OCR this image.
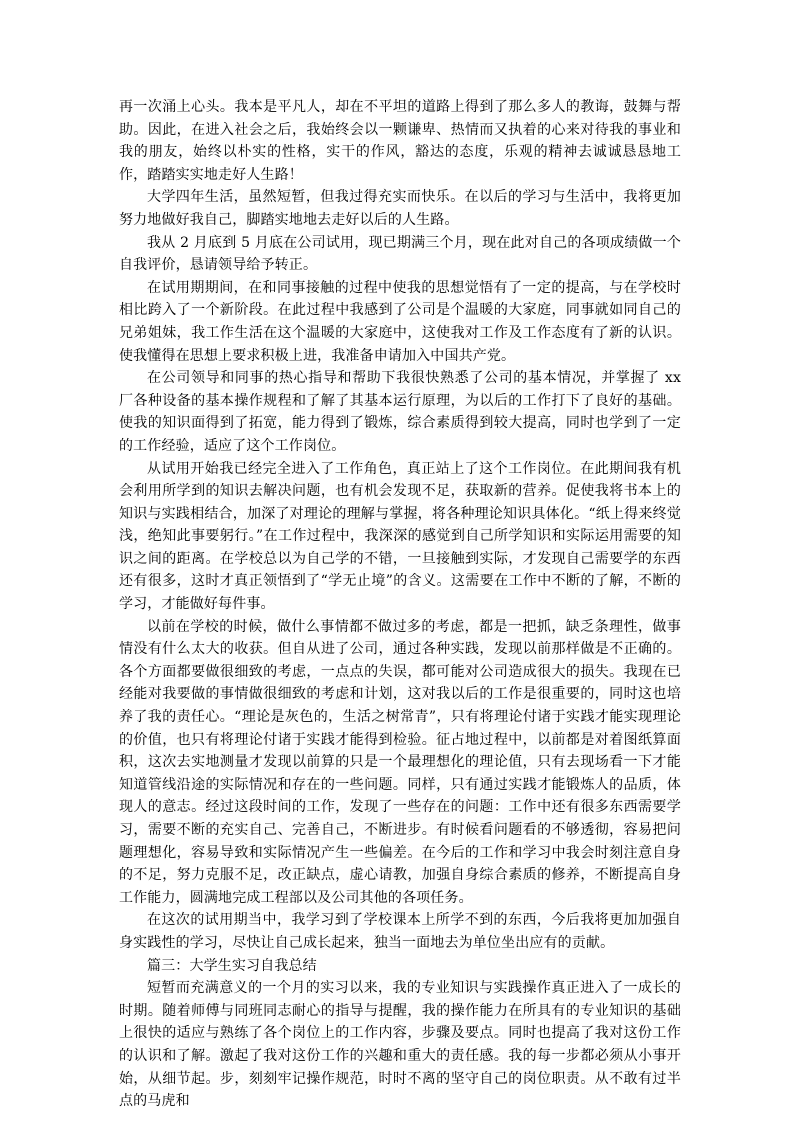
再一次涌上心头。我本是平凡人，却在不平坦的道路上得到了那么多人的教诲，鼓舞与帮助。因此，在进入社会之后，我始终会以一颗谦卑、热情而又执着的心来对待我的事业和我的朋友，始终以朴实的性格，实干的作风，豁达的态度，乐观的精神去诚诚恳恳地工作，踏踏实实地走好人生路！

大学四年生活，虽然短暂，但我过得充实而快乐。在以后的学习与生活中，我将更加努力地做好我自己，脚踏实地地去走好以后的人生路。

我从 2 月底到 5 月底在公司试用，现已期满三个月，现在此对自己的各项成绩做一个自我评价，恳请领导给予转正。

在试用期期间，在和同事接触的过程中使我的思想觉悟有了一定的提高，与在学校时相比跨入了一个新阶段。在此过程中我感到了公司是个温暖的大家庭，同事就如同自己的兄弟姐妹，我工作生活在这个温暖的大家庭中，这使我对工作及工作态度有了新的认识。使我懂得在思想上要求积极上进，我准备申请加入中国共产党。

在公司领导和同事的热心指导和帮助下我很快熟悉了公司的基本情况，并掌握了 xx 厂各种设备的基本操作规程和了解了其基本运行原理，为以后的工作打下了良好的基础。使我的知识面得到了拓宽，能力得到了锻炼，综合素质得到较大提高，同时也学到了一定的工作经验，适应了这个工作岗位。

从试用开始我已经完全进入了工作角色，真正站上了这个工作岗位。在此期间我有机会利用所学到的知识去解决问题，也有机会发现不足，获取新的营养。促使我将书本上的知识与实践相结合，加深了对理论的理解与掌握，将各种理论知识具体化。“纸上得来终觉浅，绝知此事要躬行。”在工作过程中，我深深的感觉到自己所学知识和实际运用需要的知识之间的距离。在学校总以为自己学的不错，一旦接触到实际，才发现自己需要学的东西还有很多，这时才真正领悟到了“学无止境”的含义。这需要在工作中不断的了解，不断的学习，才能做好每件事。

以前在学校的时候，做什么事情都不做过多的考虑，都是一把抓，缺乏条理性，做事情没有什么太大的收获。但自从进了公司，通过各种实践，发现以前那样做是不正确的。各个方面都要做很细致的考虑，一点点的失误，都可能对公司造成很大的损失。我现在已经能对我要做的事情做很细致的考虑和计划，这对我以后的工作是很重要的，同时这也培养了我的责任心。“理论是灰色的，生活之树常青”，只有将理论付诸于实践才能实现理论的价值，也只有将理论付诸于实践才能得到检验。征占地过程中，以前都是对着图纸算面积，这次去实地测量才发现以前算的只是一个最理想化的理论值，只有去现场看一下才能知道管线沿途的实际情况和存在的一些问题。同样，只有通过实践才能锻炼人的品质，体现人的意志。经过这段时间的工作，发现了一些存在的问题：工作中还有很多东西需要学习，需要不断的充实自己、完善自己，不断进步。有时候看问题看的不够透彻，容易把问题理想化，容易导致和实际情况产生一些偏差。在今后的工作和学习中我会时刻注意自身的不足，努力克服不足，改正缺点，虚心请教，加强自身综合素质的修养，不断提高自身工作能力，圆满地完成工程部以及公司其他的各项任务。

在这次的试用期当中，我学习到了学校课本上所学不到的东西，今后我将更加加强自身实践性的学习，尽快让自己成长起来，独当一面地去为单位坐出应有的贡献。

篇三：大学生实习自我总结

短暂而充满意义的一个月的实习以来，我的专业知识与实践操作真正进入了一成长的时期。随着师傅与同班同志耐心的指导与提醒，我的操作能力在所具有的专业知识的基础上很快的适应与熟练了各个岗位上的工作内容，步骤及要点。同时也提高了我对这份工作的认识和了解。激起了我对这份工作的兴趣和重大的责任感。我的每一步都必须从小事开始，从细节起。步，刻刻牢记操作规范，时时不离的坚守自己的岗位职责。从不敢有过半点的马虎和
